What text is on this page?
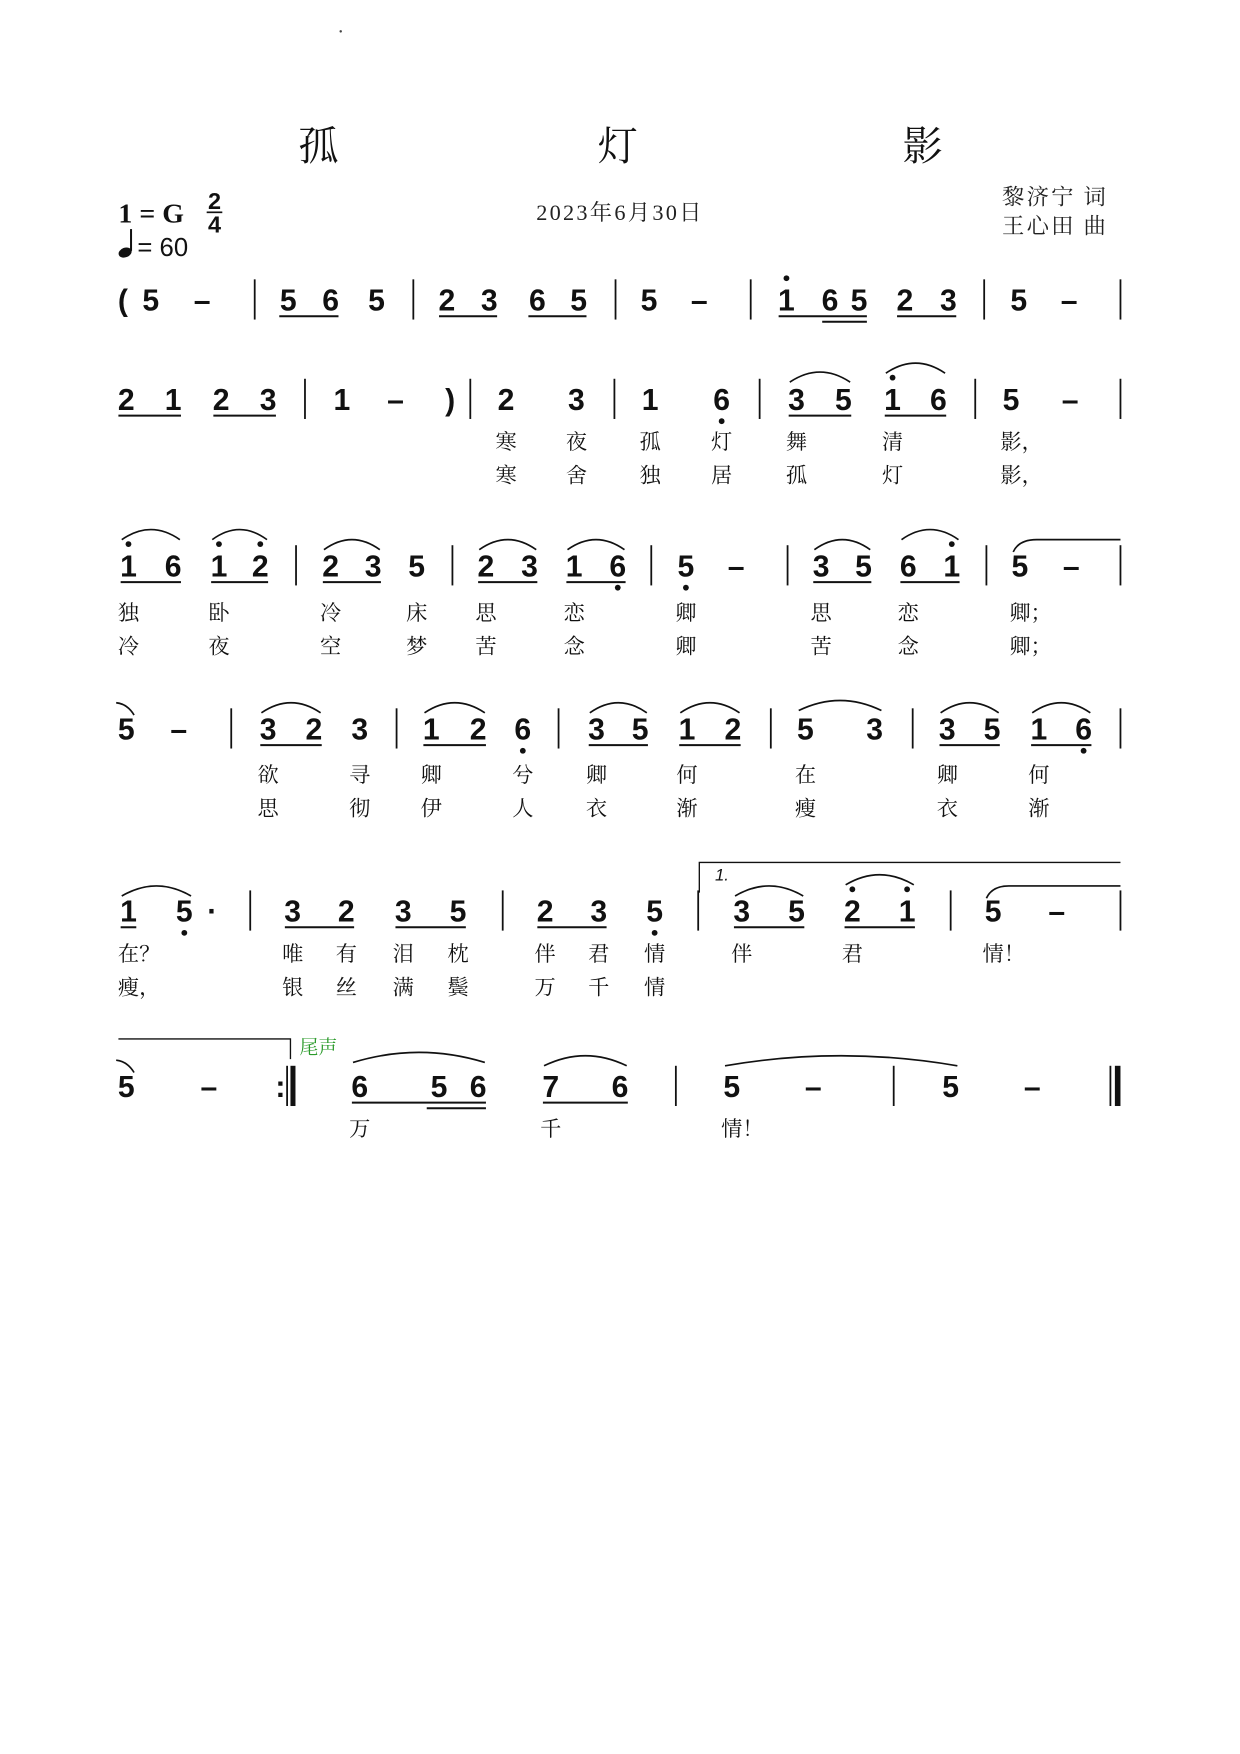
孤	灯	影
1 = G 2
4
= 60
2023年6月30日
黎济宁 词
王心田 曲
( 5 –	5 6 5 2 3 6 5 5 –	1 6 5 2 3 5 –
2 1 2 3 1 – ) 2 3 1 6 3 5 1 6 5 –
寒	夜	孤	灯	舞	清	影，
寒	舍	独	居	孤	灯	影，
1 6 1 2 2 3 5 2 3 1 6 5 –	3 5 6 1 5 –
独	卧	冷	床	思	恋	卿	思	恋	卿；
冷	夜	空	梦	苦	念	卿	苦	念	卿；
5 –	3 2 3 1 2 6 3 5 1 2 5 3 3 5 1 6
欲	寻	卿	兮	卿	何	在	卿	何
思	彻	伊	人	衣	渐	瘦	衣	渐
1 5 · 3 2 3 5	2 3 5	3 5 2 1	5 –
1.
在？	唯 有 泪 枕	伴 君 情	伴	君	情！
瘦，	银 丝 满 鬓	万 千 情
5 – : 6 5 6 7 6	5 –	5 –
尾声
万	千	情！
